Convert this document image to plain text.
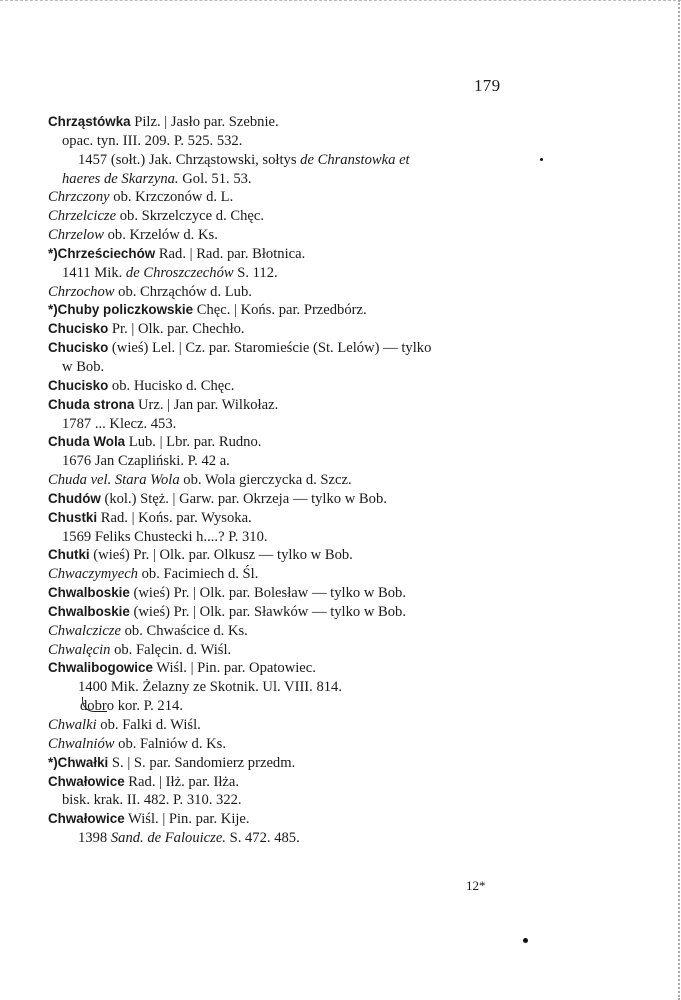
179
Chrząstówka Pilz. | Jasło par. Szebnie.
opac. tyn. III. 209. P. 525. 532.
1457 (sołt.) Jak. Chrząstowski, sołtys de Chranstowka et
haeres de Skarzyna. Gol. 51. 53.
Chrzczony ob. Krzczonów d. L.
Chrzelcicze ob. Skrzelczyce d. Chęc.
Chrzelow ob. Krzelów d. Ks.
*)Chrześciechów Rad. | Rad. par. Błotnica.
1411 Mik. de Chroszczechów S. 112.
Chrzochow ob. Chrząchów d. Lub.
*)Chuby policzkowskie Chęc. | Końs. par. Przedbórz.
Chucisko Pr. | Olk. par. Chechło.
Chucisko (wieś) Lel. | Cz. par. Staromieście (St. Lelów) — tylko
w Bob.
Chucisko ob. Hucisko d. Chęc.
Chuda strona Urz. | Jan par. Wilkołaz.
1787 ... Klecz. 453.
Chuda Wola Lub. | Lbr. par. Rudno.
1676 Jan Czapliński. P. 42 a.
Chuda vel. Stara Wola ob. Wola gierczycka d. Szcz.
Chudów (kol.) Stęż. | Garw. par. Okrzeja — tylko w Bob.
Chustki Rad. | Końs. par. Wysoka.
1569 Feliks Chustecki h....? P. 310.
Chutki (wieś) Pr. | Olk. par. Olkusz — tylko w Bob.
Chwaczymyech ob. Facimiech d. Śl.
Chwalboskie (wieś) Pr. | Olk. par. Bolesław — tylko w Bob.
Chwalboskie (wieś) Pr. | Olk. par. Sławków — tylko w Bob.
Chwalczicze ob. Chwaścice d. Ks.
Chwalęcin ob. Falęcin. d. Wiśl.
Chwalibogowice Wiśl. | Pin. par. Opatowiec.
1400 Mik. Żelazny ze Skotnik. Ul. VIII. 814.
dobro kor. P. 214.
Chwalki ob. Falki d. Wiśl.
Chwalniów ob. Falniów d. Ks.
*)Chwałki S. | S. par. Sandomierz przedm.
Chwałowice Rad. | Iłż. par. Iłża.
bisk. krak. II. 482. P. 310. 322.
Chwałowice Wiśl. | Pin. par. Kije.
1398 Sand. de Falouicze. S. 472. 485.
12*
